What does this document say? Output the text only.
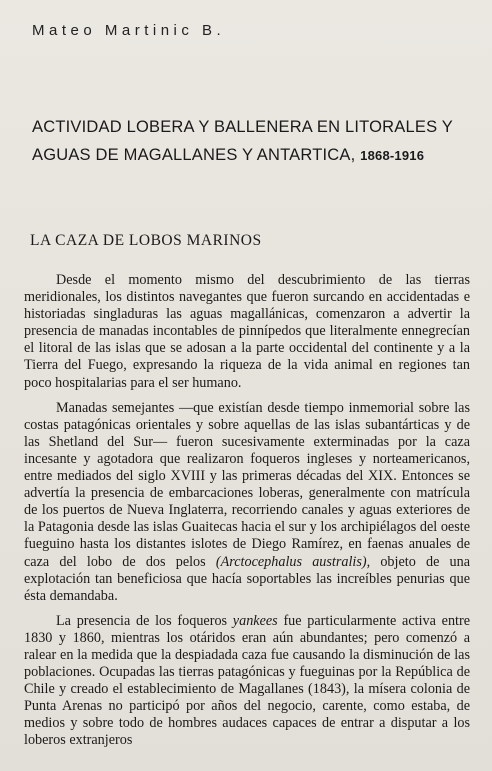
Mateo Martinic B.
ACTIVIDAD LOBERA Y BALLENERA EN LITORALES Y AGUAS DE MAGALLANES Y ANTARTICA, 1868-1916
LA CAZA DE LOBOS MARINOS

Desde el momento mismo del descubrimiento de las tierras meridionales, los distintos navegantes que fueron surcando en accidentadas e historiadas singladuras las aguas magallánicas, comenzaron a advertir la presencia de manadas incontables de pinnípedos que literalmente ennegrecían el litoral de las islas que se adosan a la parte occidental del continente y a la Tierra del Fuego, expresando la riqueza de la vida animal en regiones tan poco hospitalarias para el ser humano.

Manadas semejantes —que existían desde tiempo inmemorial sobre las costas patagónicas orientales y sobre aquellas de las islas subantárticas y de las Shetland del Sur— fueron sucesivamente exterminadas por la caza incesante y agotadora que realizaron foqueros ingleses y norteamericanos, entre mediados del siglo XVIII y las primeras décadas del XIX. Entonces se advertía la presencia de embarcaciones loberas, generalmente con matrícula de los puertos de Nueva Inglaterra, recorriendo canales y aguas exteriores de la Patagonia desde las islas Guaitecas hacia el sur y los archipiélagos del oeste fueguino hasta los distantes islotes de Diego Ramírez, en faenas anuales de caza del lobo de dos pelos (Arctocephalus australis), objeto de una explotación tan beneficiosa que hacía soportables las increíbles penurias que ésta demandaba.

La presencia de los foqueros yankees fue particularmente activa entre 1830 y 1860, mientras los otáridos eran aún abundantes; pero comenzó a ralear en la medida que la despiadada caza fue causando la disminución de las poblaciones. Ocupadas las tierras patagónicas y fueguinas por la República de Chile y creado el establecimiento de Magallanes (1843), la mísera colonia de Punta Arenas no participó por años del negocio, carente, como estaba, de medios y sobre todo de hombres audaces capaces de entrar a disputar a los loberos extranjeros
